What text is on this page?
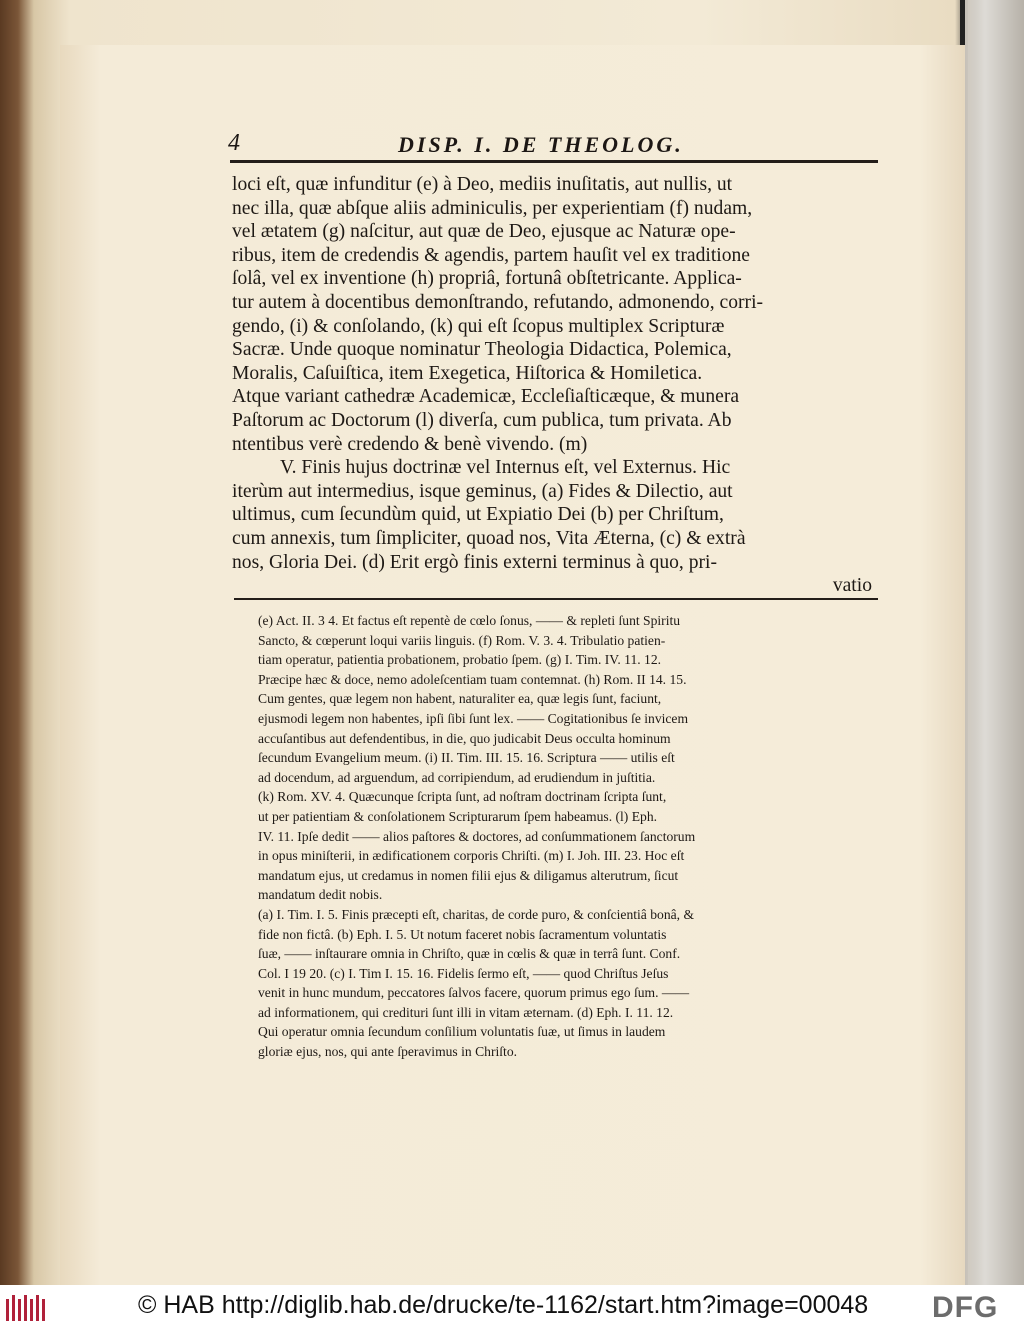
4	DISP. I. DE THEOLOG.
loci eſt, quæ infunditur (e) à Deo, mediis inuſitatis, aut nullis, ut
nec illa, quæ abſque aliis adminiculis, per experientiam (f) nudam,
vel ætatem (g) naſcitur, aut quæ de Deo, ejusque ac Naturæ ope-
ribus, item de credendis & agendis, partem hauſit vel ex traditione
ſolâ, vel ex inventione (h) propriâ, fortunâ obſtetricante. Applica-
tur autem à docentibus demonſtrando, refutando, admonendo, corri-
gendo, (i) & conſolando, (k) qui eſt ſcopus multiplex Scripturæ
Sacræ. Unde quoque nominatur Theologia Didactica, Polemica,
Moralis, Caſuiſtica, item Exegetica, Hiſtorica & Homiletica.
Atque variant cathedræ Academicæ, Eccleſiaſticæque, & munera
Paſtorum ac Doctorum (l) diverſa, cum publica, tum privata. Ab
ntentibus verè credendo & benè vivendo. (m)
V. Finis hujus doctrinæ vel Internus eſt, vel Externus. Hic
iterùm aut intermedius, isque geminus, (a) Fides & Dilectio, aut
ultimus, cum ſecundùm quid, ut Expiatio Dei (b) per Chriſtum,
cum annexis, tum ſimpliciter, quoad nos, Vita Æterna, (c) & extrà
nos, Gloria Dei. (d) Erit ergò finis externi terminus à quo, pri-
vatio
(e) Act. II. 3 4. Et factus eſt repentè de cœlo ſonus, —— & repleti ſunt Spiritu
Sancto, & cœperunt loqui variis linguis. (f) Rom. V. 3. 4. Tribulatio patien-
tiam operatur, patientia probationem, probatio ſpem. (g) I. Tim. IV. 11. 12.
Præcipe hæc & doce, nemo adoleſcentiam tuam contemnat. (h) Rom. II 14. 15.
Cum gentes, quæ legem non habent, naturaliter ea, quæ legis ſunt, faciunt,
ejusmodi legem non habentes, ipſi ſibi ſunt lex. —— Cogitationibus ſe invicem
accuſantibus aut defendentibus, in die, quo judicabit Deus occulta hominum
ſecundum Evangelium meum. (i) II. Tim. III. 15. 16. Scriptura —— utilis eſt
ad docendum, ad arguendum, ad corripiendum, ad erudiendum in juſtitia.
(k) Rom. XV. 4. Quæcunque ſcripta ſunt, ad noſtram doctrinam ſcripta ſunt,
ut per patientiam & conſolationem Scripturarum ſpem habeamus. (l) Eph.
IV. 11. Ipſe dedit —— alios paſtores & doctores, ad conſummationem ſanctorum
in opus miniſterii, in ædificationem corporis Chriſti. (m) I. Joh. III. 23. Hoc eſt
mandatum ejus, ut credamus in nomen filii ejus & diligamus alterutrum, ſicut
mandatum dedit nobis.
(a) I. Tim. I. 5. Finis præcepti eſt, charitas, de corde puro, & conſcientiâ bonâ, &
fide non fictâ. (b) Eph. I. 5. Ut notum faceret nobis ſacramentum voluntatis
ſuæ, —— inſtaurare omnia in Chriſto, quæ in cœlis & quæ in terrâ ſunt. Conf.
Col. I 19 20. (c) I. Tim I. 15. 16. Fidelis ſermo eſt, —— quod Chriſtus Jeſus
venit in hunc mundum, peccatores ſalvos facere, quorum primus ego ſum. ——
ad informationem, qui credituri ſunt illi in vitam æternam. (d) Eph. I. 11. 12.
Qui operatur omnia ſecundum conſilium voluntatis ſuæ, ut ſimus in laudem
gloriæ ejus, nos, qui ante ſperavimus in Chriſto.
© HAB http://diglib.hab.de/drucke/te-1162/start.htm?image=00048 DFG
